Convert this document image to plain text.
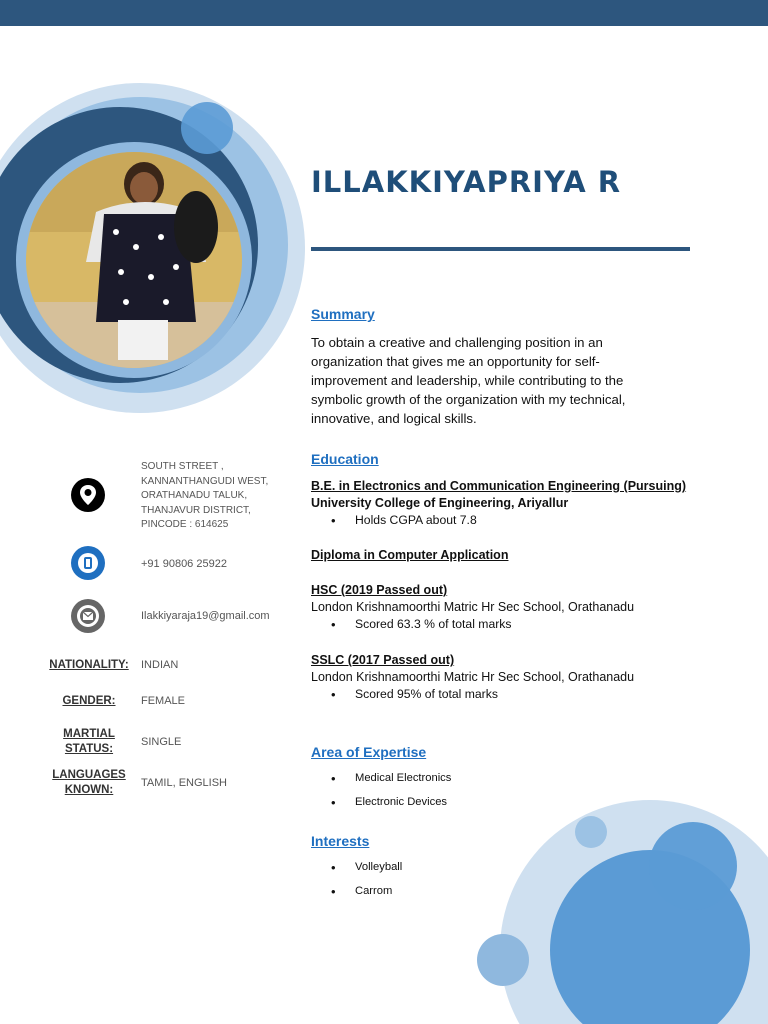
ILLAKKIYAPRIYA R
SOUTH STREET ,
KANNANTHANGUDI WEST,
ORATHANADU TALUK,
THANJAVUR DISTRICT,
PINCODE : 614625
+91 90806 25922
Ilakkiyaraja19@gmail.com
NATIONALITY: INDIAN
GENDER:	FEMALE
MARTIAL STATUS:
SINGLE
LANGUAGES KNOWN:
TAMIL, ENGLISH
Summary

To obtain a creative and challenging position in an organization that gives me an opportunity for self-improvement and leadership, while contributing to the symbolic growth of the organization with my technical, innovative, and logical skills.

Education
B.E. in Electronics and Communication Engineering (Pursuing)
University College of Engineering, Ariyallur
• Holds CGPA about 7.8
Diploma in Computer Application
HSC (2019 Passed out)
London Krishnamoorthi Matric Hr Sec School, Orathanadu
• Scored 63.3 % of total marks
SSLC (2017 Passed out)
London Krishnamoorthi Matric Hr Sec School, Orathanadu
• Scored 95% of total marks
Area of Expertise
• Medical Electronics
• Electronic Devices
Interests
• Volleyball
• Carrom
